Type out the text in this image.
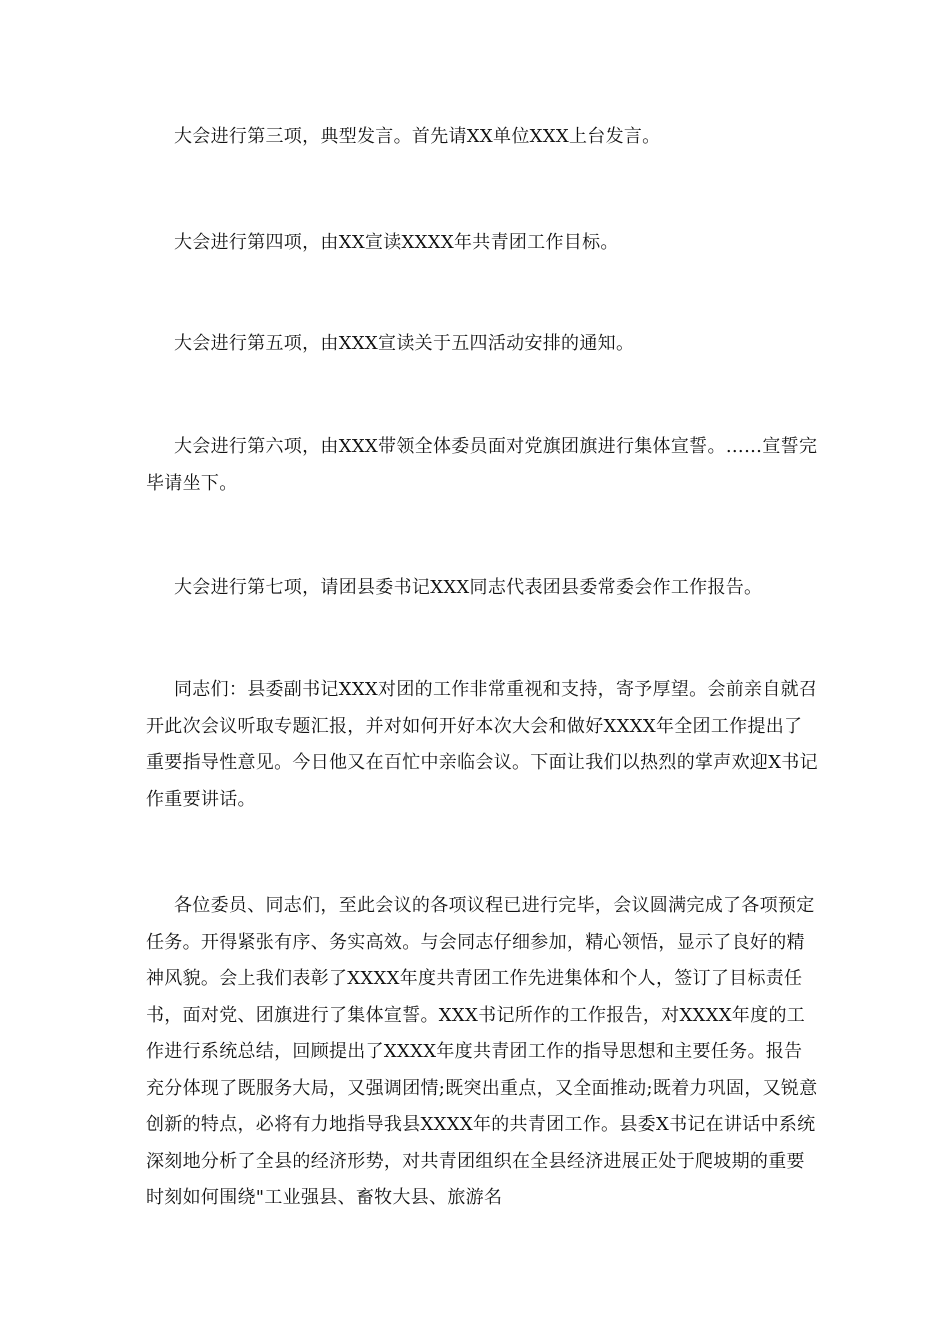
大会进行第三项，典型发言。首先请XX单位XXX上台发言。

大会进行第四项，由XX宣读XXXX年共青团工作目标。

大会进行第五项，由XXX宣读关于五四活动安排的通知。

大会进行第六项，由XXX带领全体委员面对党旗团旗进行集体宣誓。……宣誓完毕请坐下。

大会进行第七项，请团县委书记XXX同志代表团县委常委会作工作报告。

同志们：县委副书记XXX对团的工作非常重视和支持，寄予厚望。会前亲自就召开此次会议听取专题汇报，并对如何开好本次大会和做好XXXX年全团工作提出了重要指导性意见。今日他又在百忙中亲临会议。下面让我们以热烈的掌声欢迎X书记作重要讲话。

各位委员、同志们，至此会议的各项议程已进行完毕，会议圆满完成了各项预定任务。开得紧张有序、务实高效。与会同志仔细参加，精心领悟，显示了良好的精神风貌。会上我们表彰了XXXX年度共青团工作先进集体和个人，签订了目标责任书，面对党、团旗进行了集体宣誓。XXX书记所作的工作报告，对XXXX年度的工作进行系统总结，回顾提出了XXXX年度共青团工作的指导思想和主要任务。报告充分体现了既服务大局，又强调团情;既突出重点，又全面推动;既着力巩固，又锐意创新的特点，必将有力地指导我县XXXX年的共青团工作。县委X书记在讲话中系统深刻地分析了全县的经济形势，对共青团组织在全县经济进展正处于爬坡期的重要时刻如何围绕"工业强县、畜牧大县、旅游名
